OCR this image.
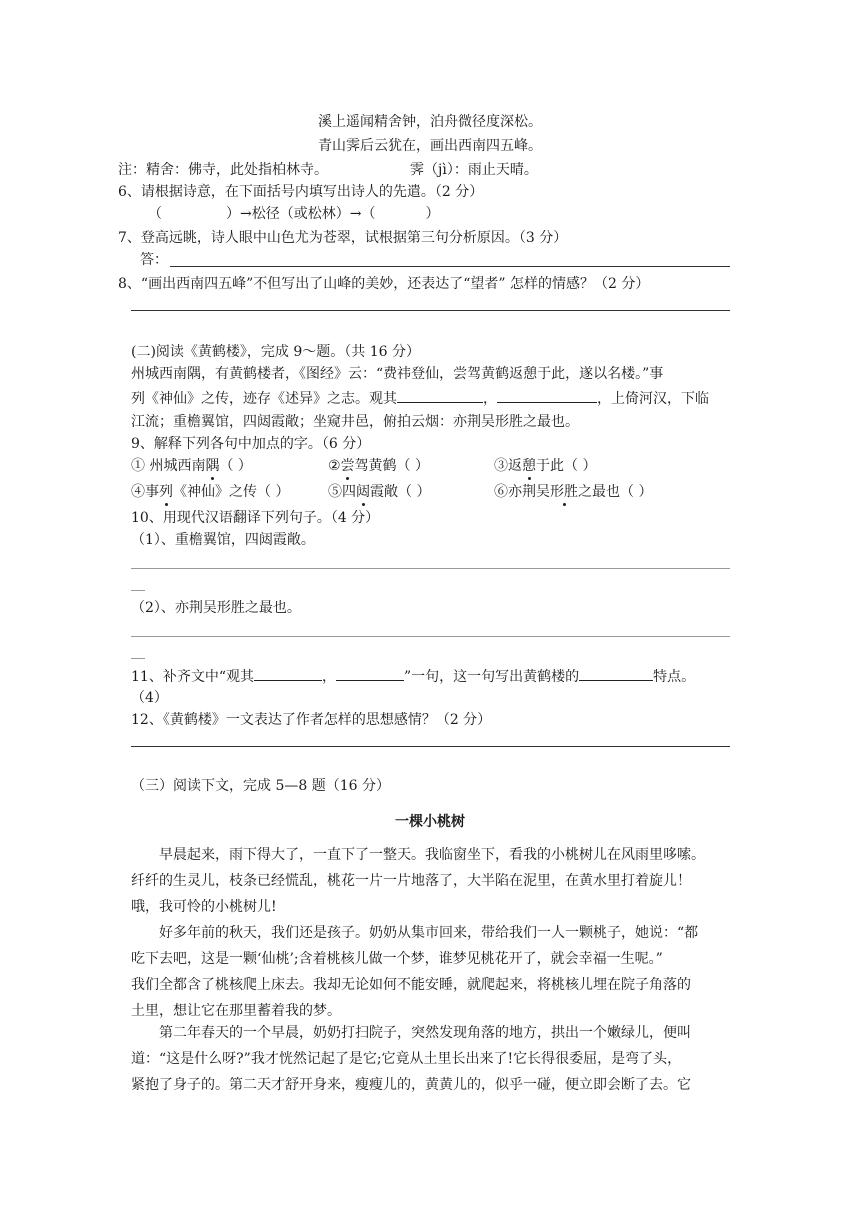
溪上遥闻精舍钟，泊舟微径度深松。
青山霁后云犹在，画出西南四五峰。
注：精舍：佛寺，此处指柏林寺。	霁（jì）：雨止天晴。
6、请根据诗意，在下面括号内填写出诗人的先遣。（2 分）
（	）→松径（或松林）→（	）
7、登高远眺，诗人眼中山色尤为苍翠，试根据第三句分析原因。（3 分）
答：
8、“画出西南四五峰”不但写出了山峰的美妙，还表达了“望者” 怎样的情感？（2 分）
(二)阅读《黄鹤楼》，完成 9～题。（共 16 分）
州城西南隅，有黄鹤楼者，《图经》云：“费祎登仙，尝驾黄鹤返憩于此，遂以名楼。”事
列《神仙》之传，迹存《述异》之志。观其	，	，上倚河汉，下临
江流；重檐翼馆，四闼霞敞；坐窥井邑，俯拍云烟：亦荆吴形胜之最也。
9、解释下列各句中加点的字。（6 分）
① 州城西南隅（ ）	②尝驾黄鹤（ ）	③返憩于此（ ）
④事列《神仙》之传（ ）	⑤四闼霞敞（ ）	⑥亦荆吴形胜之最也（ ）
10、用现代汉语翻译下列句子。（4 分）
（1）、重檐翼馆，四闼霞敞。
（2）、亦荆吴形胜之最也。
11、补齐文中“观其	，	”一句，这一句写出黄鹤楼的	特点。
（4）
12、《黄鹤楼》一文表达了作者怎样的思想感情？（2 分）
（三）阅读下文，完成 5—8 题（16 分）
一棵小桃树
早晨起来，雨下得大了，一直下了一整天。我临窗坐下，看我的小桃树儿在风雨里哆嗦。
纤纤的生灵儿，枝条已经慌乱，桃花一片一片地落了，大半陷在泥里，在黄水里打着旋儿！
哦，我可怜的小桃树儿!
好多年前的秋天，我们还是孩子。奶奶从集市回来，带给我们一人一颗桃子，她说：“都
吃下去吧，这是一颗‘仙桃’;含着桃核儿做一个梦，谁梦见桃花开了，就会幸福一生呢。”
我们全都含了桃核爬上床去。我却无论如何不能安睡，就爬起来，将桃核儿埋在院子角落的
土里，想让它在那里蓄着我的梦。
第二年春天的一个早晨，奶奶打扫院子，突然发现角落的地方，拱出一个嫩绿儿，便叫
道：“这是什么呀?”我才恍然记起了是它;它竟从土里长出来了!它长得很委屈，是弯了头，
紧抱了身子的。第二天才舒开身来，瘦瘦儿的，黄黄儿的，似乎一碰，便立即会断了去。它
